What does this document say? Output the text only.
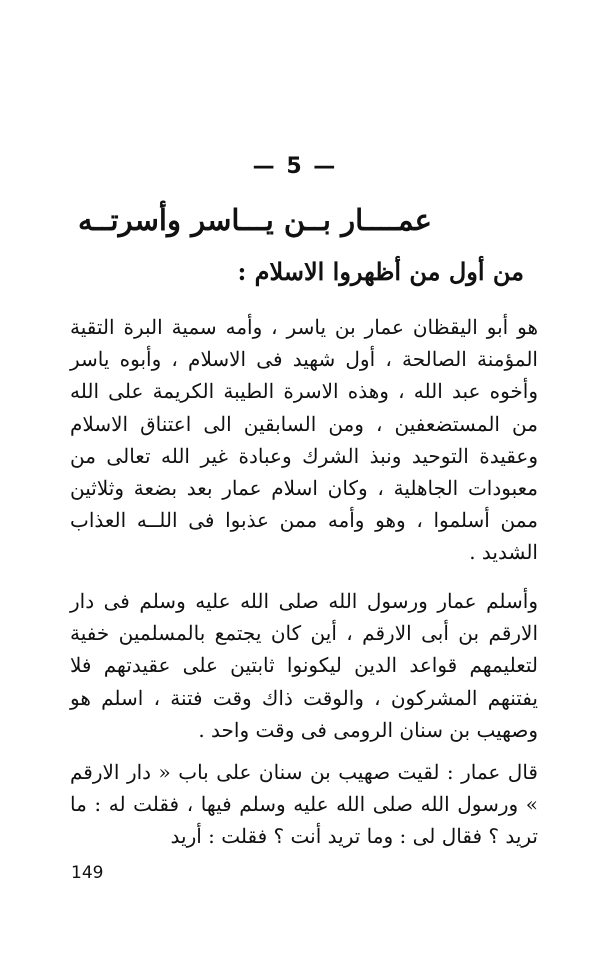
— 5 —
عمــــار بــن يـــاسر وأسرتــه
من أول من أظهروا الاسلام :
هو أبو اليقظان عمار بن ياسر ، وأمه سمية البرة التقية المؤمنة الصالحة ، أول شهيد فى الاسلام ، وأبوه ياسر وأخوه عبد الله ، وهذه الاسرة الطيبة الكريمة على الله من المستضعفين ، ومن السابقين الى اعتناق الاسلام وعقيدة التوحيد ونبذ الشرك وعبادة غير الله تعالى من معبودات الجاهلية ، وكان اسلام عمار بعد بضعة وثلاثين ممن أسلموا ، وهو وأمه ممن عذبوا فى اللــه العذاب الشديد .
وأسلم عمار ورسول الله صلى الله عليه وسلم فى دار الارقم بن أبى الارقم ، أين كان يجتمع بالمسلمين خفية لتعليمهم قواعد الدين ليكونوا ثابتين على عقيدتهم فلا يفتنهم المشركون ، والوقت ذاك وقت فتنة ، اسلم هو وصهيب بن سنان الرومى فى وقت واحد .
قال عمار : لقيت صهيب بن سنان على باب « دار الارقم » ورسول الله صلى الله عليه وسلم فيها ، فقلت له : ما تريد ؟ فقال لى : وما تريد أنت ؟ فقلت : أريد
149
